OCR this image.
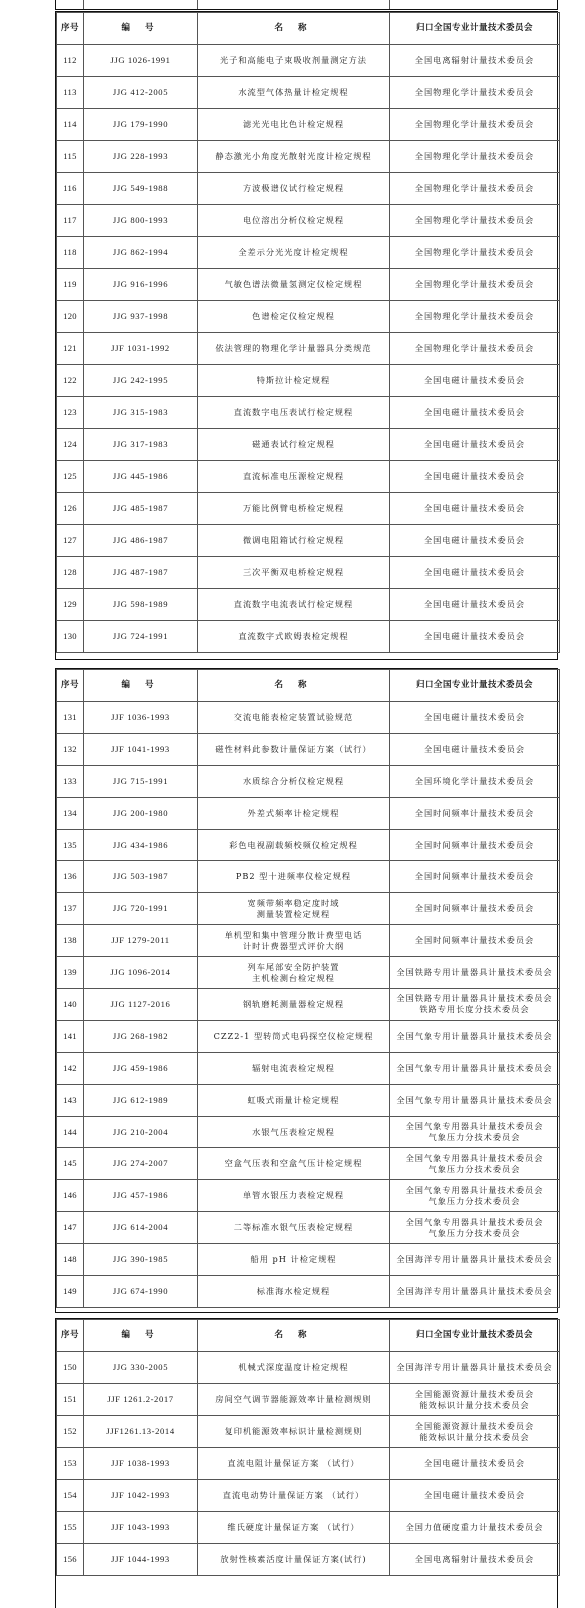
序号	编 号	名 称	归口全国专业计量技术委员会
112	JJG 1026-1991	光子和高能电子束吸收剂量测定方法	全国电离辐射计量技术委员会
113	JJG 412-2005	水流型气体热量计检定规程	全国物理化学计量技术委员会
114	JJG 179-1990	滤光光电比色计检定规程	全国物理化学计量技术委员会
115	JJG 228-1993	静态激光小角度光散射光度计检定规程	全国物理化学计量技术委员会
116	JJG 549-1988	方波极谱仪试行检定规程	全国物理化学计量技术委员会
117	JJG 800-1993	电位溶出分析仪检定规程	全国物理化学计量技术委员会
118	JJG 862-1994	全差示分光光度计检定规程	全国物理化学计量技术委员会
119	JJG 916-1996	气敏色谱法微量氢测定仪检定规程	全国物理化学计量技术委员会
120	JJG 937-1998	色谱检定仪检定规程	全国物理化学计量技术委员会
121	JJF 1031-1992	依法管理的物理化学计量器具分类规范	全国物理化学计量技术委员会
122	JJG 242-1995	特斯拉计检定规程	全国电磁计量技术委员会
123	JJG 315-1983	直流数字电压表试行检定规程	全国电磁计量技术委员会
124	JJG 317-1983	磁通表试行检定规程	全国电磁计量技术委员会
125	JJG 445-1986	直流标准电压源检定规程	全国电磁计量技术委员会
126	JJG 485-1987	万能比例臂电桥检定规程	全国电磁计量技术委员会
127	JJG 486-1987	微调电阻箱试行检定规程	全国电磁计量技术委员会
128	JJG 487-1987	三次平衡双电桥检定规程	全国电磁计量技术委员会
129	JJG 598-1989	直流数字电流表试行检定规程	全国电磁计量技术委员会
130	JJG 724-1991	直流数字式欧姆表检定规程	全国电磁计量技术委员会
序号	编 号	名 称	归口全国专业计量技术委员会
131	JJF 1036-1993	交流电能表检定装置试验规范	全国电磁计量技术委员会
132	JJF 1041-1993	磁性材料此参数计量保证方案（试行）	全国电磁计量技术委员会
133	JJG 715-1991	水质综合分析仪检定规程	全国环境化学计量技术委员会
134	JJG 200-1980	外差式频率计检定规程	全国时间频率计量技术委员会
135	JJG 434-1986	彩色电视副载频校频仪检定规程	全国时间频率计量技术委员会
136	JJG 503-1987	PB2 型十进频率仪检定规程	全国时间频率计量技术委员会
137	JJG 720-1991	宽频带频率稳定度时域
测量装置检定规程	全国时间频率计量技术委员会
138	JJF 1279-2011	单机型和集中管理分散计费型电话
计时计费器型式评价大纲	全国时间频率计量技术委员会
139	JJG 1096-2014	列车尾部安全防护装置
主机检测台检定规程	全国铁路专用计量器具计量技术委员会
140	JJG 1127-2016	钢轨磨耗测量器检定规程	全国铁路专用计量器具计量技术委员会
铁路专用长度分技术委员会

141	JJG 268-1982	CZZ2-1 型转筒式电码探空仪检定规程	全国气象专用计量器具计量技术委员会
142	JJG 459-1986	辐射电流表检定规程	全国气象专用计量器具计量技术委员会
143	JJG 612-1989	虹吸式雨量计检定规程	全国气象专用计量器具计量技术委员会
144	JJG 210-2004	水银气压表检定规程	全国气象专用器具计量技术委员会
气象压力分技术委员会

145	JJG 274-2007	空盒气压表和空盒气压计检定规程	全国气象专用器具计量技术委员会
气象压力分技术委员会

146	JJG 457-1986	单管水银压力表检定规程	全国气象专用器具计量技术委员会
气象压力分技术委员会

147	JJG 614-2004	二等标准水银气压表检定规程	全国气象专用器具计量技术委员会
气象压力分技术委员会

148	JJG 390-1985	船用 pH 计检定规程	全国海洋专用计量器具计量技术委员会
149	JJG 674-1990	标准海水检定规程	全国海洋专用计量器具计量技术委员会
序号	编 号	名 称	归口全国专业计量技术委员会
150	JJG 330-2005	机械式深度温度计检定规程	全国海洋专用计量器具计量技术委员会
151	JJF 1261.2-2017	房间空气调节器能源效率计量检测规则	全国能源资源计量技术委员会
能效标识计量分技术委员会

152	JJF1261.13-2014	复印机能源效率标识计量检测规则	全国能源资源计量技术委员会
能效标识计量分技术委员会

153	JJF 1038-1993	直流电阻计量保证方案 （试行）	全国电磁计量技术委员会
154	JJF 1042-1993	直流电动势计量保证方案 （试行）	全国电磁计量技术委员会
155	JJF 1043-1993	维氏硬度计量保证方案 （试行）	全国力值硬度重力计量技术委员会
156	JJF 1044-1993	放射性核素活度计量保证方案(试行)	全国电离辐射计量技术委员会
